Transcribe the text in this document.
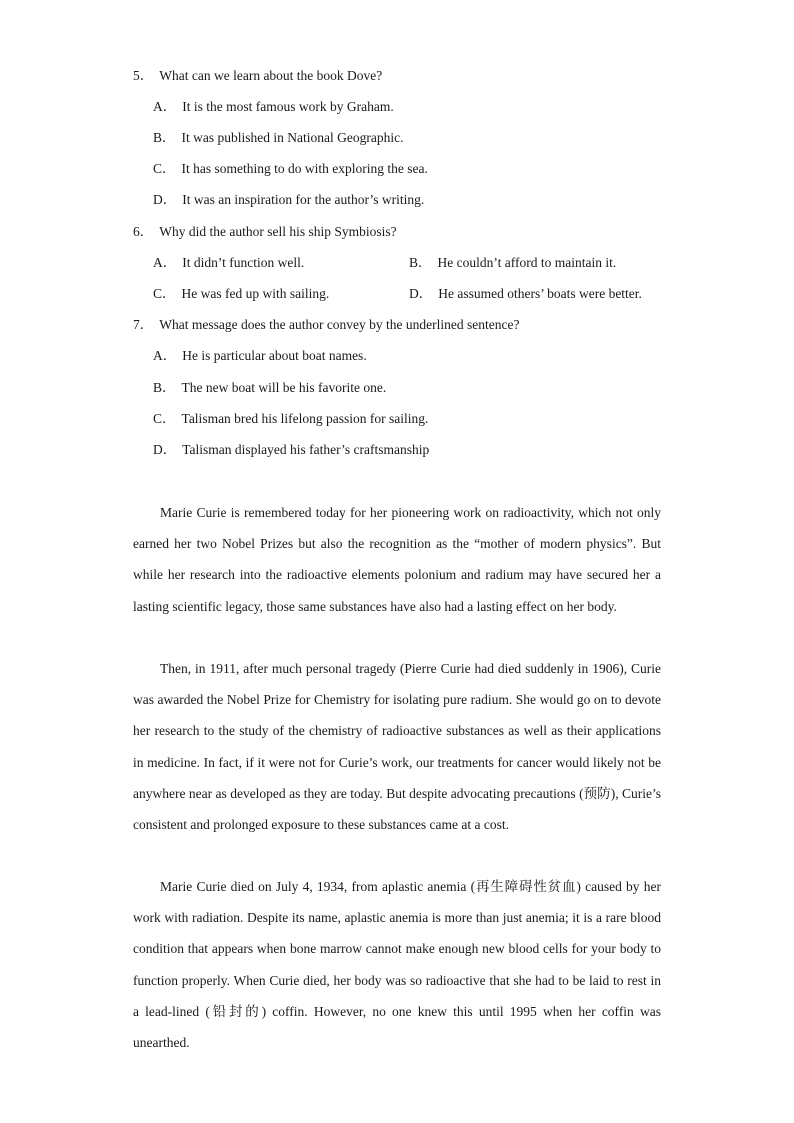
5． What can we learn about the book Dove?
A． It is the most famous work by Graham.
B． It was published in National Geographic.
C． It has something to do with exploring the sea.
D． It was an inspiration for the author’s writing.
6． Why did the author sell his ship Symbiosis?
A． It didn’t function well.	B． He couldn’t afford to maintain it.
C． He was fed up with sailing.	D． He assumed others’ boats were better.
7． What message does the author convey by the underlined sentence?
A． He is particular about boat names.
B． The new boat will be his favorite one.
C． Talisman bred his lifelong passion for sailing.
D． Talisman displayed his father’s craftsmanship

Marie Curie is remembered today for her pioneering work on radioactivity, which not only earned her two Nobel Prizes but also the recognition as the “mother of modern physics”. But while her research into the radioactive elements polonium and radium may have secured her a lasting scientific legacy, those same substances have also had a lasting effect on her body.

Then, in 1911, after much personal tragedy (Pierre Curie had died suddenly in 1906), Curie was awarded the Nobel Prize for Chemistry for isolating pure radium. She would go on to devote her research to the study of the chemistry of radioactive substances as well as their applications in medicine. In fact, if it were not for Curie’s work, our treatments for cancer would likely not be anywhere near as developed as they are today. But despite advocating precautions (预防), Curie’s consistent and prolonged exposure to these substances came at a cost.

Marie Curie died on July 4, 1934, from aplastic anemia (再生障碍性贫血) caused by her work with radiation. Despite its name, aplastic anemia is more than just anemia; it is a rare blood condition that appears when bone marrow cannot make enough new blood cells for your body to function properly. When Curie died, her body was so radioactive that she had to be laid to rest in a lead-lined (铅封的) coffin. However, no one knew this until 1995 when her coffin was unearthed.
